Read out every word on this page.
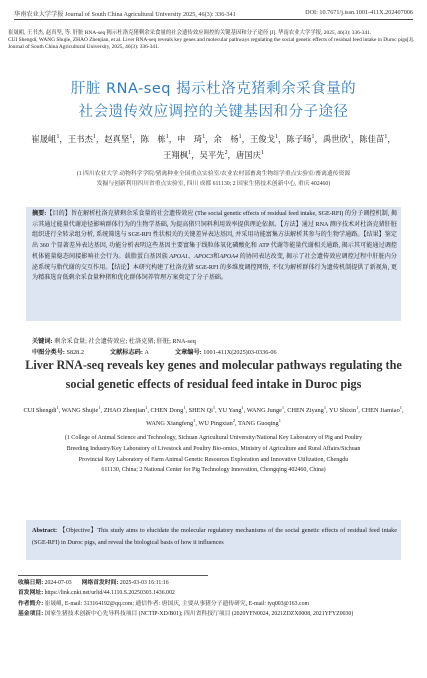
华南农业大学学报 Journal of South China Agricultural University 2025, 46(3): 336-341	DOI: 10.7671/j.issn.1001-411X.202407006
崔晟岨, 王书杰, 赵真坚, 等. 肝脏 RNA-seq 揭示杜洛克猪剩余采食量的社会遗传效应调控的关键基因和分子途径 [J]. 华南农业大学学报, 2025, 46(3): 336-341.
CUI Shengdi, WANG Shujie, ZHAO Zhenjian, et al. Liver RNA-seq reveals key genes and molecular pathways regulating the social genetic effects of residual feed intake in Duroc pigs[J]. Journal of South China Agricultural University, 2025, 46(3): 336-341.
肝脏 RNA-seq 揭示杜洛克猪剩余采食量的
社会遗传效应调控的关键基因和分子途径
崔晟岨$^1$，王书杰$^1$，赵真坚$^1$，陈　栋$^1$，申　琦$^1$，余　杨$^1$，王俊戈$^1$，陈子旸$^1$，禹世欣$^1$，陈佳苗$^1$，王翔枫$^1$，吴平先$^2$，唐国庆$^1$
(1 四川农业大学 动物科学学院/猪禽种业全国重点实验室/农业农村部畜禽生物组学重点实验室/畜禽遗传资源
发掘与创新利用四川省重点实验室, 四川 成都 611130; 2 国家生猪技术创新中心, 重庆 402460)
摘要:【目的】旨在解析杜洛克猪剩余采食量的社会遗传效应 (The social genetic effects of residual feed intake, SGE-RFI) 的分子调控机制, 揭示其通过能量代谢途径影响群体行为的生物学基础, 为提高猪只饲料利用效率提供理论依据。【方法】通过 RNA 测序技术对杜洛克猪肝脏组织进行全转录组分析, 系统筛选与 SGE-RFI 性状相关的关键差异表达基因, 并采用功能富集方法解析其参与的生物学通路。【结果】鉴定出 360 个显著差异表达基因, 功能分析表明这些基因主要富集于线粒体氧化磷酸化和 ATP 代谢等能量代谢相关通路, 揭示其可能通过调控机体能量稳态间接影响社会行为。载脂蛋白基因族 APOA1、APOC3和APOA4 的协同表达改变, 揭示了社会遗传效应调控过程中肝脏内分泌系统与脂代谢的交互作用。【结论】本研究构建了杜洛克猪 SGE-RFI 的多维度调控网络, 不仅为解析群体行为遗传机制提供了新视角, 更为精准选育低剩余采食量种猪和优化群体饲养管理方案奠定了分子基础。
关键词: 剩余采食量; 社会遗传效应; 杜洛克猪; 肝脏; RNA-seq
中图分类号: S828.2	文献标志码: A	文章编号: 1001-411X(2025)03-0336-06
Liver RNA-seq reveals key genes and molecular pathways regulating the
social genetic effects of residual feed intake in Duroc pigs
CUI Shengdi$^1$, WANG Shujie$^1$, ZHAO Zhenjian$^1$, CHEN Dong$^1$, SHEN Qi$^1$, YU Yang$^1$, WANG Junge$^1$, CHEN Ziyang$^1$, YU Shixin$^1$, CHEN Jiamiao$^1$, WANG Xiangfeng$^1$, WU Pingxian$^2$, TANG Guoqing$^1$
(1 College of Animal Science and Technology, Sichuan Agricultural University/National Key Laboratory of Pig and Poultry
Breeding Industry/Key Laboratory of Livestock and Poultry Bio-omics, Ministry of Agriculture and Rural Affairs/Sichuan
Provincial Key Laboratory of Farm Animal Genetic Resources Exploration and Innovative Utilization, Chengdu
611130, China; 2 National Center for Pig Technology Innovation, Chongqing 402460, China)
Abstract: 【Objective】This study aims to elucidate the molecular regulatory mechanisms of the social genetic effects of residual feed intake (SGE-RFI) in Duroc pigs, and reveal the biological basis of how it influences
收稿日期: 2024-07-03 网络首发时间: 2025-03-03 16:11:16
首发网址: https://link.cnki.net/urlid/44.1110.S.20250303.1436.002
作者简介: 崔晟岨, E-mail: 313164192@qq.com; 通信作者: 唐国庆, 主要从事猪分子遗传研究, E-mail: tyq003@163.com
基金项目: 国家生猪技术创新中心先导科技项目 (NCTIP-XD/B01); 四川省科技厅项目 (2020YFN0024, 2021ZDZX0008, 2021YFYZ0030)
